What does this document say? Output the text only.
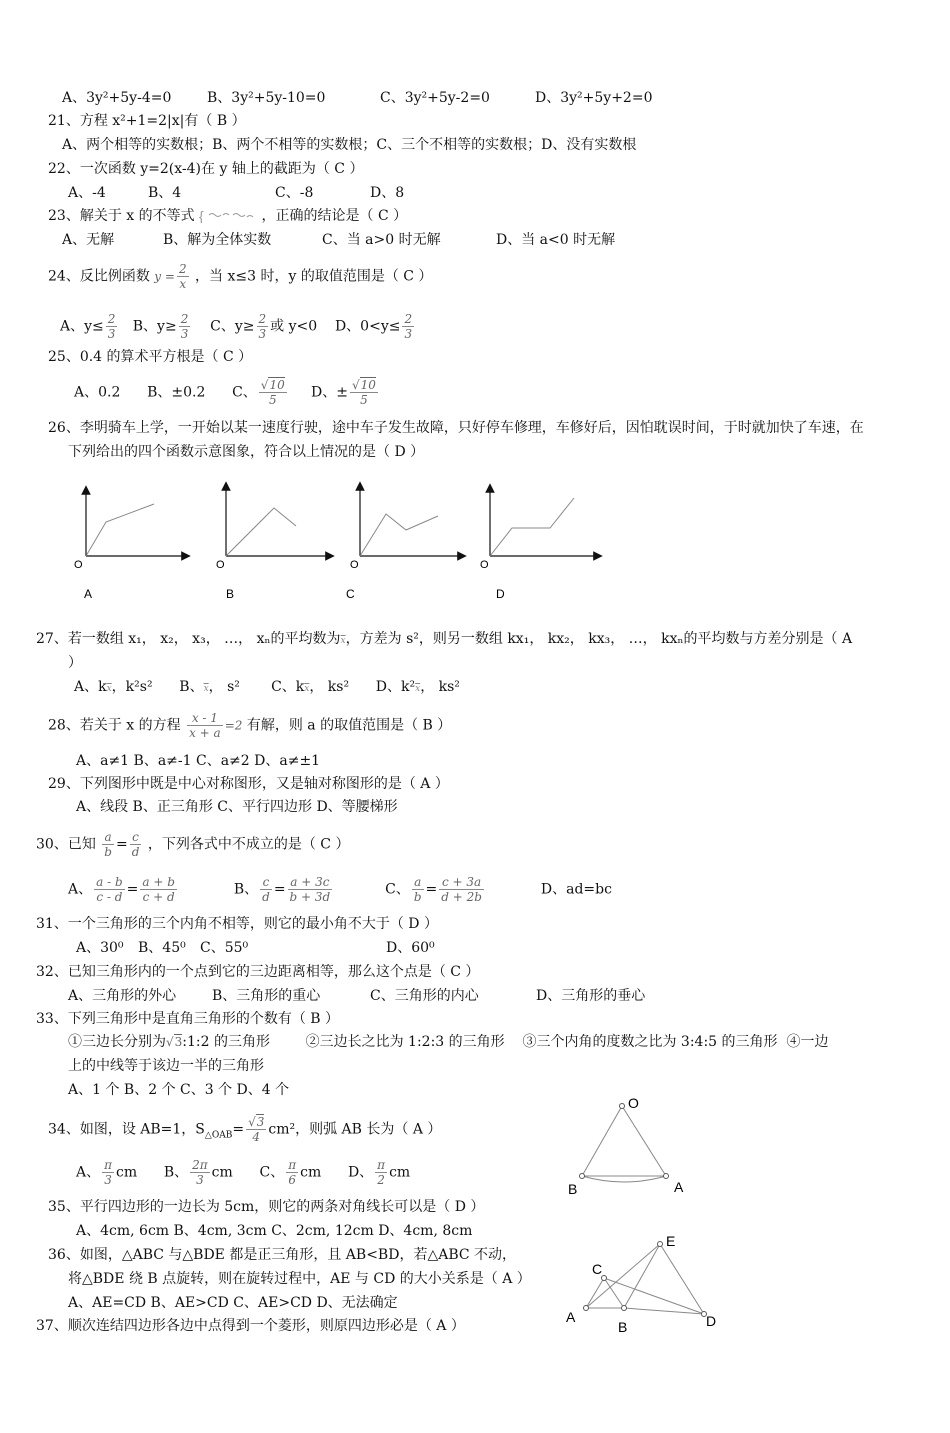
A、3y²+5y-4=0	B、3y²+5y-10=0	C、3y²+5y-2=0	D、3y²+5y+2=0
21、方程 x²+1=2|x|有（ B ）
A、两个相等的实数根；B、两个不相等的实数根；C、三个不相等的实数根；D、没有实数根
22、一次函数 y=2(x-4)在 y 轴上的截距为（ C ）
A、-4	B、4	C、-8	D、8
23、解关于 x 的不等式 {	，正确的结论是（ C ）
A、无解	B、解为全体实数	C、当 a>0 时无解	D、当 a<0 时无解
24、反比例函数 $y = \frac{2}{x}$ ，当 x≤3 时，y 的取值范围是（ C ）
A、$y\le \frac{2}{3}$ B、$y\ge \frac{2}{3}$ C、$y\ge \frac{2}{3}$ 或 y<0 D、$0<y\le \frac{2}{3}$
25、0.4 的算术平方根是（ C ）
A、0.2 B、±0.2 C、 $\frac{√10}{5}$ D、± $\frac{√10}{5}$
26、李明骑车上学，一开始以某一速度行驶，途中车子发生故障，只好停车修理，车修好后，因怕耽误时间，于时就加快了车速，在
下列给出的四个函数示意图象，符合以上情况的是（ D ）
O
A
O
B
O
C
O
D
27、若一数组 x₁， x₂， x₃， …， xₙ的平均数为$\overline{x}$，方差为 s²，则另一数组 kx₁， kx₂， kx₃， …， kxₙ的平均数与方差分别是（ A
）
A、$k\overline{x}$，k²s² B、$\overline{x}$， s² C、$k\overline{x}$， ks² D、$k^2\overline{x}$， ks²
28、若关于 x 的方程 $\frac{x - 1}{x + a} =2$ 有解，则 a 的取值范围是（ B ）
A、a≠1 B、a≠-1 C、a≠2 D、a≠±1
29、下列图形中既是中心对称图形，又是轴对称图形的是（ A ）
A、线段 B、正三角形 C、平行四边形 D、等腰梯形
30、已知 $\frac{a}{b} = \frac{c}{d}$ ，下列各式中不成立的是（ C ）
A、 $\frac{a - b}{c - d} = \frac{a + b}{c + d}$	B、 $\frac{c}{d} = \frac{a + 3c}{b + 3d}$	C、 $\frac{a}{b} = \frac{c + 3a}{d + 2b}$	D、ad=bc
31、一个三角形的三个内角不相等，则它的最小角不大于（ D ）
A、30⁰ B、45⁰ C、55⁰	D、60⁰
32、已知三角形内的一个点到它的三边距离相等，那么这个点是（ C ）
A、三角形的外心	B、三角形的重心	C、三角形的内心	D、三角形的垂心
33、下列三角形中是直角三角形的个数有（ B ）
①三边长分别为√3:1:2 的三角形	②三边长之比为 1:2:3 的三角形 ③三个内角的度数之比为 3:4:5 的三角形 ④一边
上的中线等于该边一半的三角形
A、1 个 B、2 个 C、3 个 D、4 个
34、如图，设 AB=1，$S_{\triangle OAB}= \frac{√3}{4} cm^2$，则弧 AB 长为（ A ）
A、 $\frac{\pi}{3}$ cm B、 $\frac{2\pi}{3}$ cm C、 $\frac{\pi}{6}$ cm D、 $\frac{\pi}{2}$ cm
O
B	A
35、平行四边形的一边长为 5cm，则它的两条对角线长可以是（ D ）
A、4cm, 6cm B、4cm, 3cm C、2cm, 12cm D、4cm, 8cm
36、如图，△ABC 与△BDE 都是正三角形，且 AB<BD，若△ABC 不动，
将△BDE 绕 B 点旋转，则在旋转过程中，AE 与 CD 的大小关系是（ A ）
A、AE=CD B、AE>CD C、AE>CD D、无法确定
A
B
C
D
E
37、顺次连结四边形各边中点得到一个菱形，则原四边形必是（ A ）
